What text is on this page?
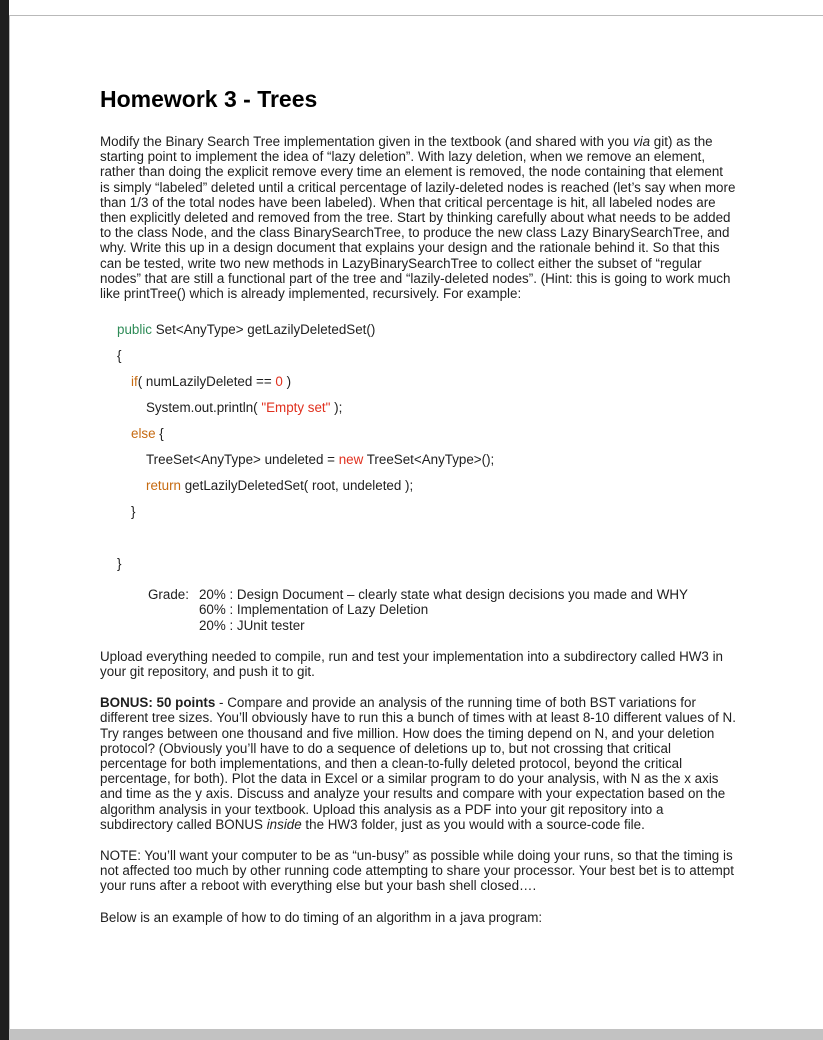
Homework 3 - Trees

Modify the Binary Search Tree implementation given in the textbook (and shared with you via git) as the starting point to implement the idea of “lazy deletion”. With lazy deletion, when we remove an element, rather than doing the explicit remove every time an element is removed, the node containing that element is simply “labeled” deleted until a critical percentage of lazily-deleted nodes is reached (let’s say when more than 1/3 of the total nodes have been labeled). When that critical percentage is hit, all labeled nodes are then explicitly deleted and removed from the tree. Start by thinking carefully about what needs to be added to the class Node, and the class BinarySearchTree, to produce the new class Lazy BinarySearchTree, and why. Write this up in a design document that explains your design and the rationale behind it. So that this can be tested, write two new methods in LazyBinarySearchTree to collect either the subset of “regular nodes” that are still a functional part of the tree and “lazily-deleted nodes”. (Hint: this is going to work much like printTree() which is already implemented, recursively. For example:

public Set<AnyType> getLazilyDeletedSet()
{
if( numLazilyDeleted == 0 )
System.out.println( "Empty set" );
else {
TreeSet<AnyType> undeleted = new TreeSet<AnyType>();
return getLazilyDeletedSet( root, undeleted );
}

}
Grade: 20% : Design Document – clearly state what design decisions you made and WHY
60% : Implementation of Lazy Deletion
20% : JUnit tester

Upload everything needed to compile, run and test your implementation into a subdirectory called HW3 in your git repository, and push it to git.

BONUS: 50 points - Compare and provide an analysis of the running time of both BST variations for different tree sizes. You’ll obviously have to run this a bunch of times with at least 8-10 different values of N. Try ranges between one thousand and five million. How does the timing depend on N, and your deletion protocol? (Obviously you’ll have to do a sequence of deletions up to, but not crossing that critical percentage for both implementations, and then a clean-to-fully deleted protocol, beyond the critical percentage, for both). Plot the data in Excel or a similar program to do your analysis, with N as the x axis and time as the y axis. Discuss and analyze your results and compare with your expectation based on the algorithm analysis in your textbook. Upload this analysis as a PDF into your git repository into a subdirectory called BONUS inside the HW3 folder, just as you would with a source-code file.

NOTE: You’ll want your computer to be as “un-busy” as possible while doing your runs, so that the timing is not affected too much by other running code attempting to share your processor. Your best bet is to attempt your runs after a reboot with everything else but your bash shell closed….

Below is an example of how to do timing of an algorithm in a java program:
